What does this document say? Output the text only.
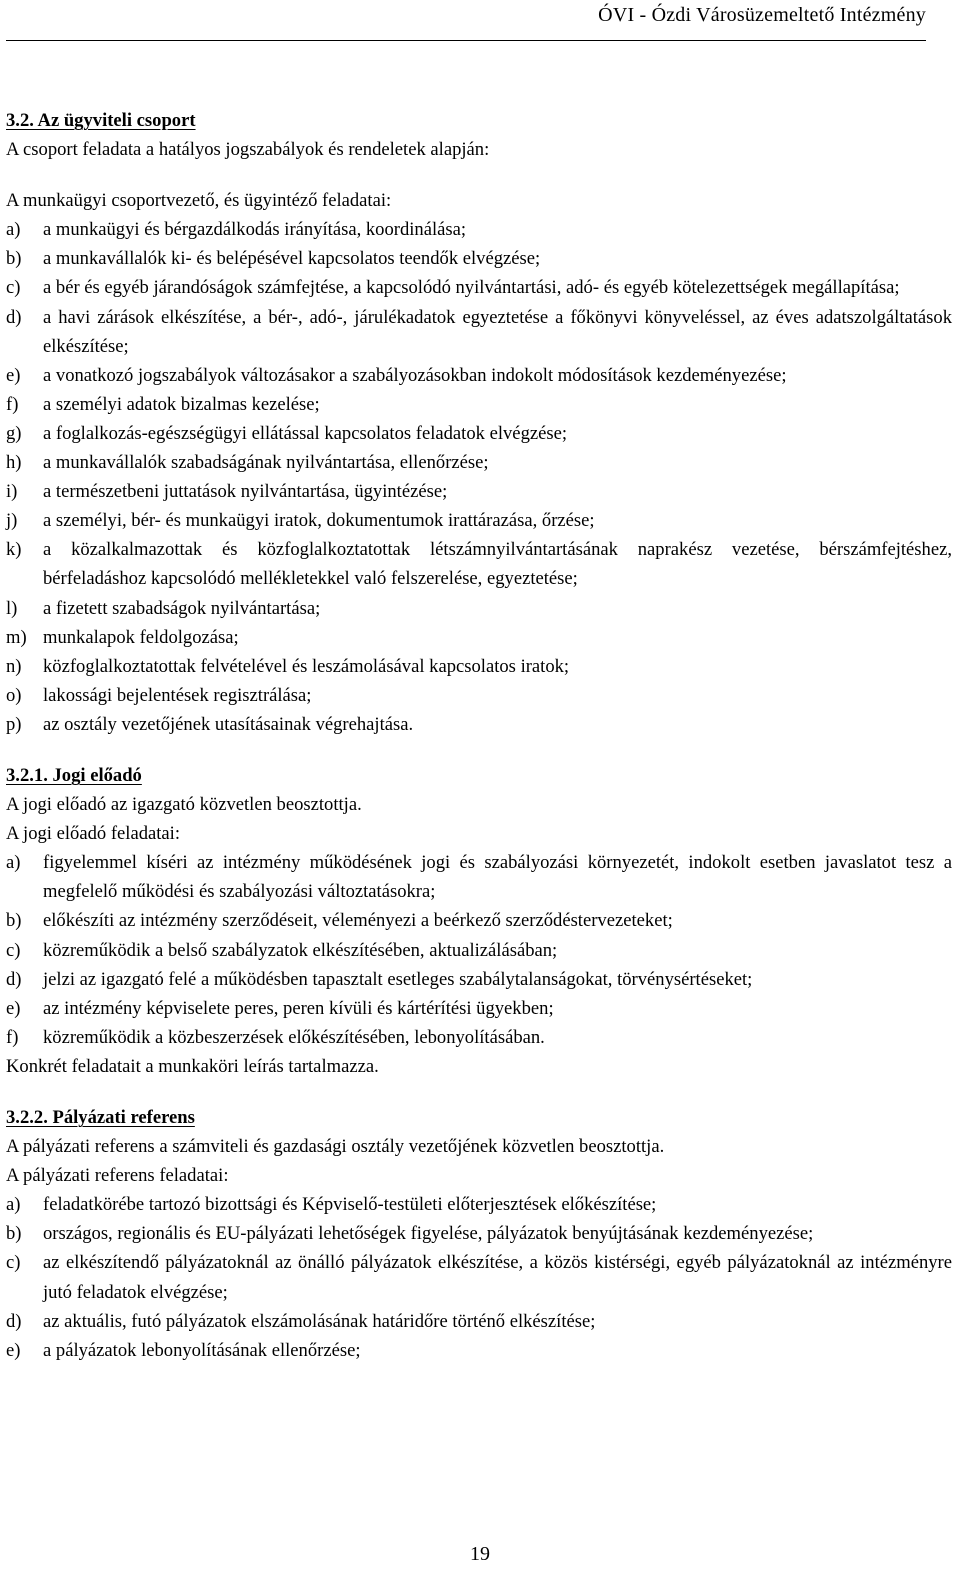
ÓVI - Ózdi Városüzemeltető Intézmény
3.2. Az ügyviteli csoport
A csoport feladata a hatályos jogszabályok és rendeletek alapján:
A munkaügyi csoportvezető, és ügyintéző feladatai:
a)	a munkaügyi és bérgazdálkodás irányítása, koordinálása;
b)	a munkavállalók ki- és belépésével kapcsolatos teendők elvégzése;
c)	a bér és egyéb járandóságok számfejtése, a kapcsolódó nyilvántartási, adó- és egyéb kötelezettségek megállapítása;
d)	a havi zárások elkészítése, a bér-, adó-, járulékadatok egyeztetése a főkönyvi könyveléssel, az éves adatszolgáltatások elkészítése;
e)	a vonatkozó jogszabályok változásakor a szabályozásokban indokolt módosítások kezdeményezése;
f)	a személyi adatok bizalmas kezelése;
g)	a foglalkozás-egészségügyi ellátással kapcsolatos feladatok elvégzése;
h)	a munkavállalók szabadságának nyilvántartása, ellenőrzése;
i)	a természetbeni juttatások nyilvántartása, ügyintézése;
j)	a személyi, bér- és munkaügyi iratok, dokumentumok irattárazása, őrzése;
k)	a közalkalmazottak és közfoglalkoztatottak létszámnyilvántartásának naprakész vezetése, bérszámfejtéshez, bérfeladáshoz kapcsolódó mellékletekkel való felszerelése, egyeztetése;
l)	a fizetett szabadságok nyilvántartása;
m) munkalapok feldolgozása;
n)	közfoglalkoztatottak felvételével és leszámolásával kapcsolatos iratok;
o)	lakossági bejelentések regisztrálása;
p)	az osztály vezetőjének utasításainak végrehajtása.
3.2.1. Jogi előadó
A jogi előadó az igazgató közvetlen beosztottja.
A jogi előadó feladatai:
a)	figyelemmel kíséri az intézmény működésének jogi és szabályozási környezetét, indokolt esetben javaslatot tesz a megfelelő működési és szabályozási változtatásokra;
b)	előkészíti az intézmény szerződéseit, véleményezi a beérkező szerződéstervezeteket;
c)	közreműködik a belső szabályzatok elkészítésében, aktualizálásában;
d)	jelzi az igazgató felé a működésben tapasztalt esetleges szabálytalanságokat, törvénysértéseket;
e)	az intézmény képviselete peres, peren kívüli és kártérítési ügyekben;
f)	közreműködik a közbeszerzések előkészítésében, lebonyolításában.
Konkrét feladatait a munkaköri leírás tartalmazza.
3.2.2. Pályázati referens
A pályázati referens a számviteli és gazdasági osztály vezetőjének közvetlen beosztottja.
A pályázati referens feladatai:
a)	feladatkörébe tartozó bizottsági és Képviselő-testületi előterjesztések előkészítése;
b)	országos, regionális és EU-pályázati lehetőségek figyelése, pályázatok benyújtásának kezdeményezése;
c)	az elkészítendő pályázatoknál az önálló pályázatok elkészítése, a közös kistérségi, egyéb pályázatoknál az intézményre jutó feladatok elvégzése;
d)	az aktuális, futó pályázatok elszámolásának határidőre történő elkészítése;
e)	a pályázatok lebonyolításának ellenőrzése;
19
